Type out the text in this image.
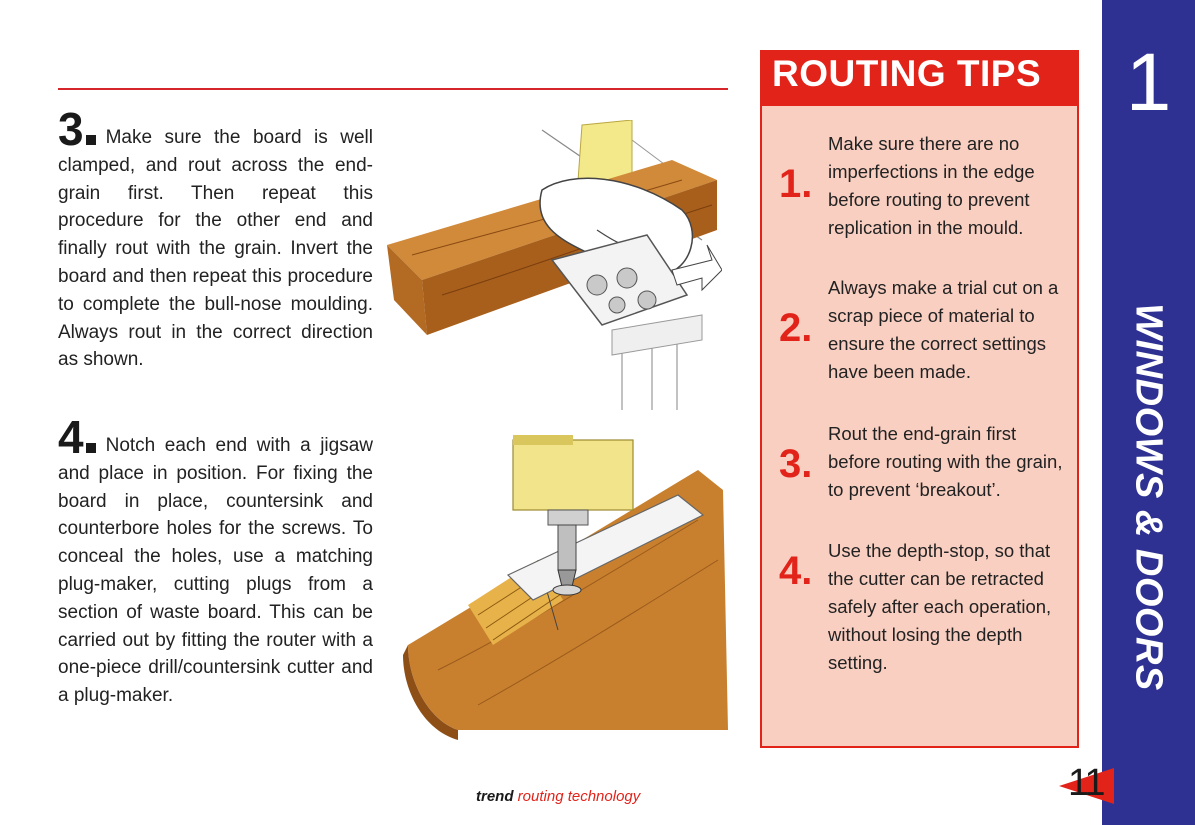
3 Make sure the board is well clamped, and rout across the end-grain first. Then repeat this procedure for the other end and finally rout with the grain. Invert the board and then repeat this procedure to complete the bull-nose moulding. Always rout in the correct direction as shown.
4 Notch each end with a jigsaw and place in position. For fixing the board in place, countersink and counterbore holes for the screws. To conceal the holes, use a matching plug-maker, cutting plugs from a section of waste board. This can be carried out by fitting the router with a one-piece drill/countersink cutter and a plug-maker.
ROUTING TIPS
1.
Make sure there are no imperfections in the edge before routing to prevent replication in the mould.
2.
Always make a trial cut on a scrap piece of material to ensure the correct settings have been made.
3.
Rout the end-grain first before routing with the grain, to prevent ‘breakout’.
4. Use the depth-stop, so that the cutter can be retracted safely after each operation, without losing the depth setting.
1
WINDOWS & DOORS
trend routing technology	11
